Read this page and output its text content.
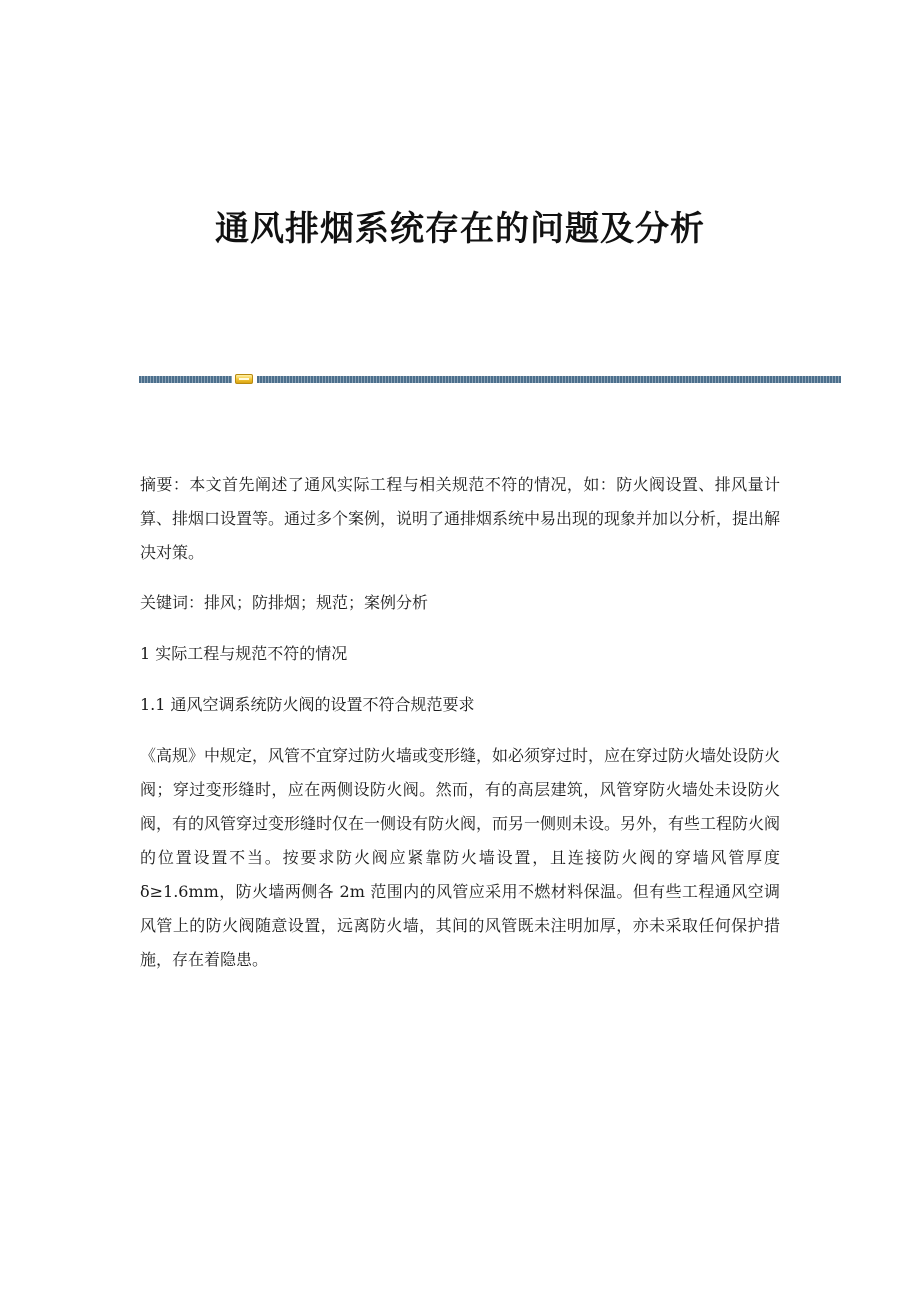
通风排烟系统存在的问题及分析

摘要：本文首先阐述了通风实际工程与相关规范不符的情况，如：防火阀设置、排风量计算、排烟口设置等。通过多个案例，说明了通排烟系统中易出现的现象并加以分析，提出解决对策。

关键词：排风；防排烟；规范；案例分析

1 实际工程与规范不符的情况

1.1 通风空调系统防火阀的设置不符合规范要求

《高规》中规定，风管不宜穿过防火墙或变形缝，如必须穿过时，应在穿过防火墙处设防火阀；穿过变形缝时，应在两侧设防火阀。然而，有的高层建筑，风管穿防火墙处未设防火阀，有的风管穿过变形缝时仅在一侧设有防火阀，而另一侧则未设。另外，有些工程防火阀的位置设置不当。按要求防火阀应紧靠防火墙设置，且连接防火阀的穿墙风管厚度 δ≥1.6mm，防火墙两侧各 2m 范围内的风管应采用不燃材料保温。但有些工程通风空调风管上的防火阀随意设置，远离防火墙，其间的风管既未注明加厚，亦未采取任何保护措施，存在着隐患。
